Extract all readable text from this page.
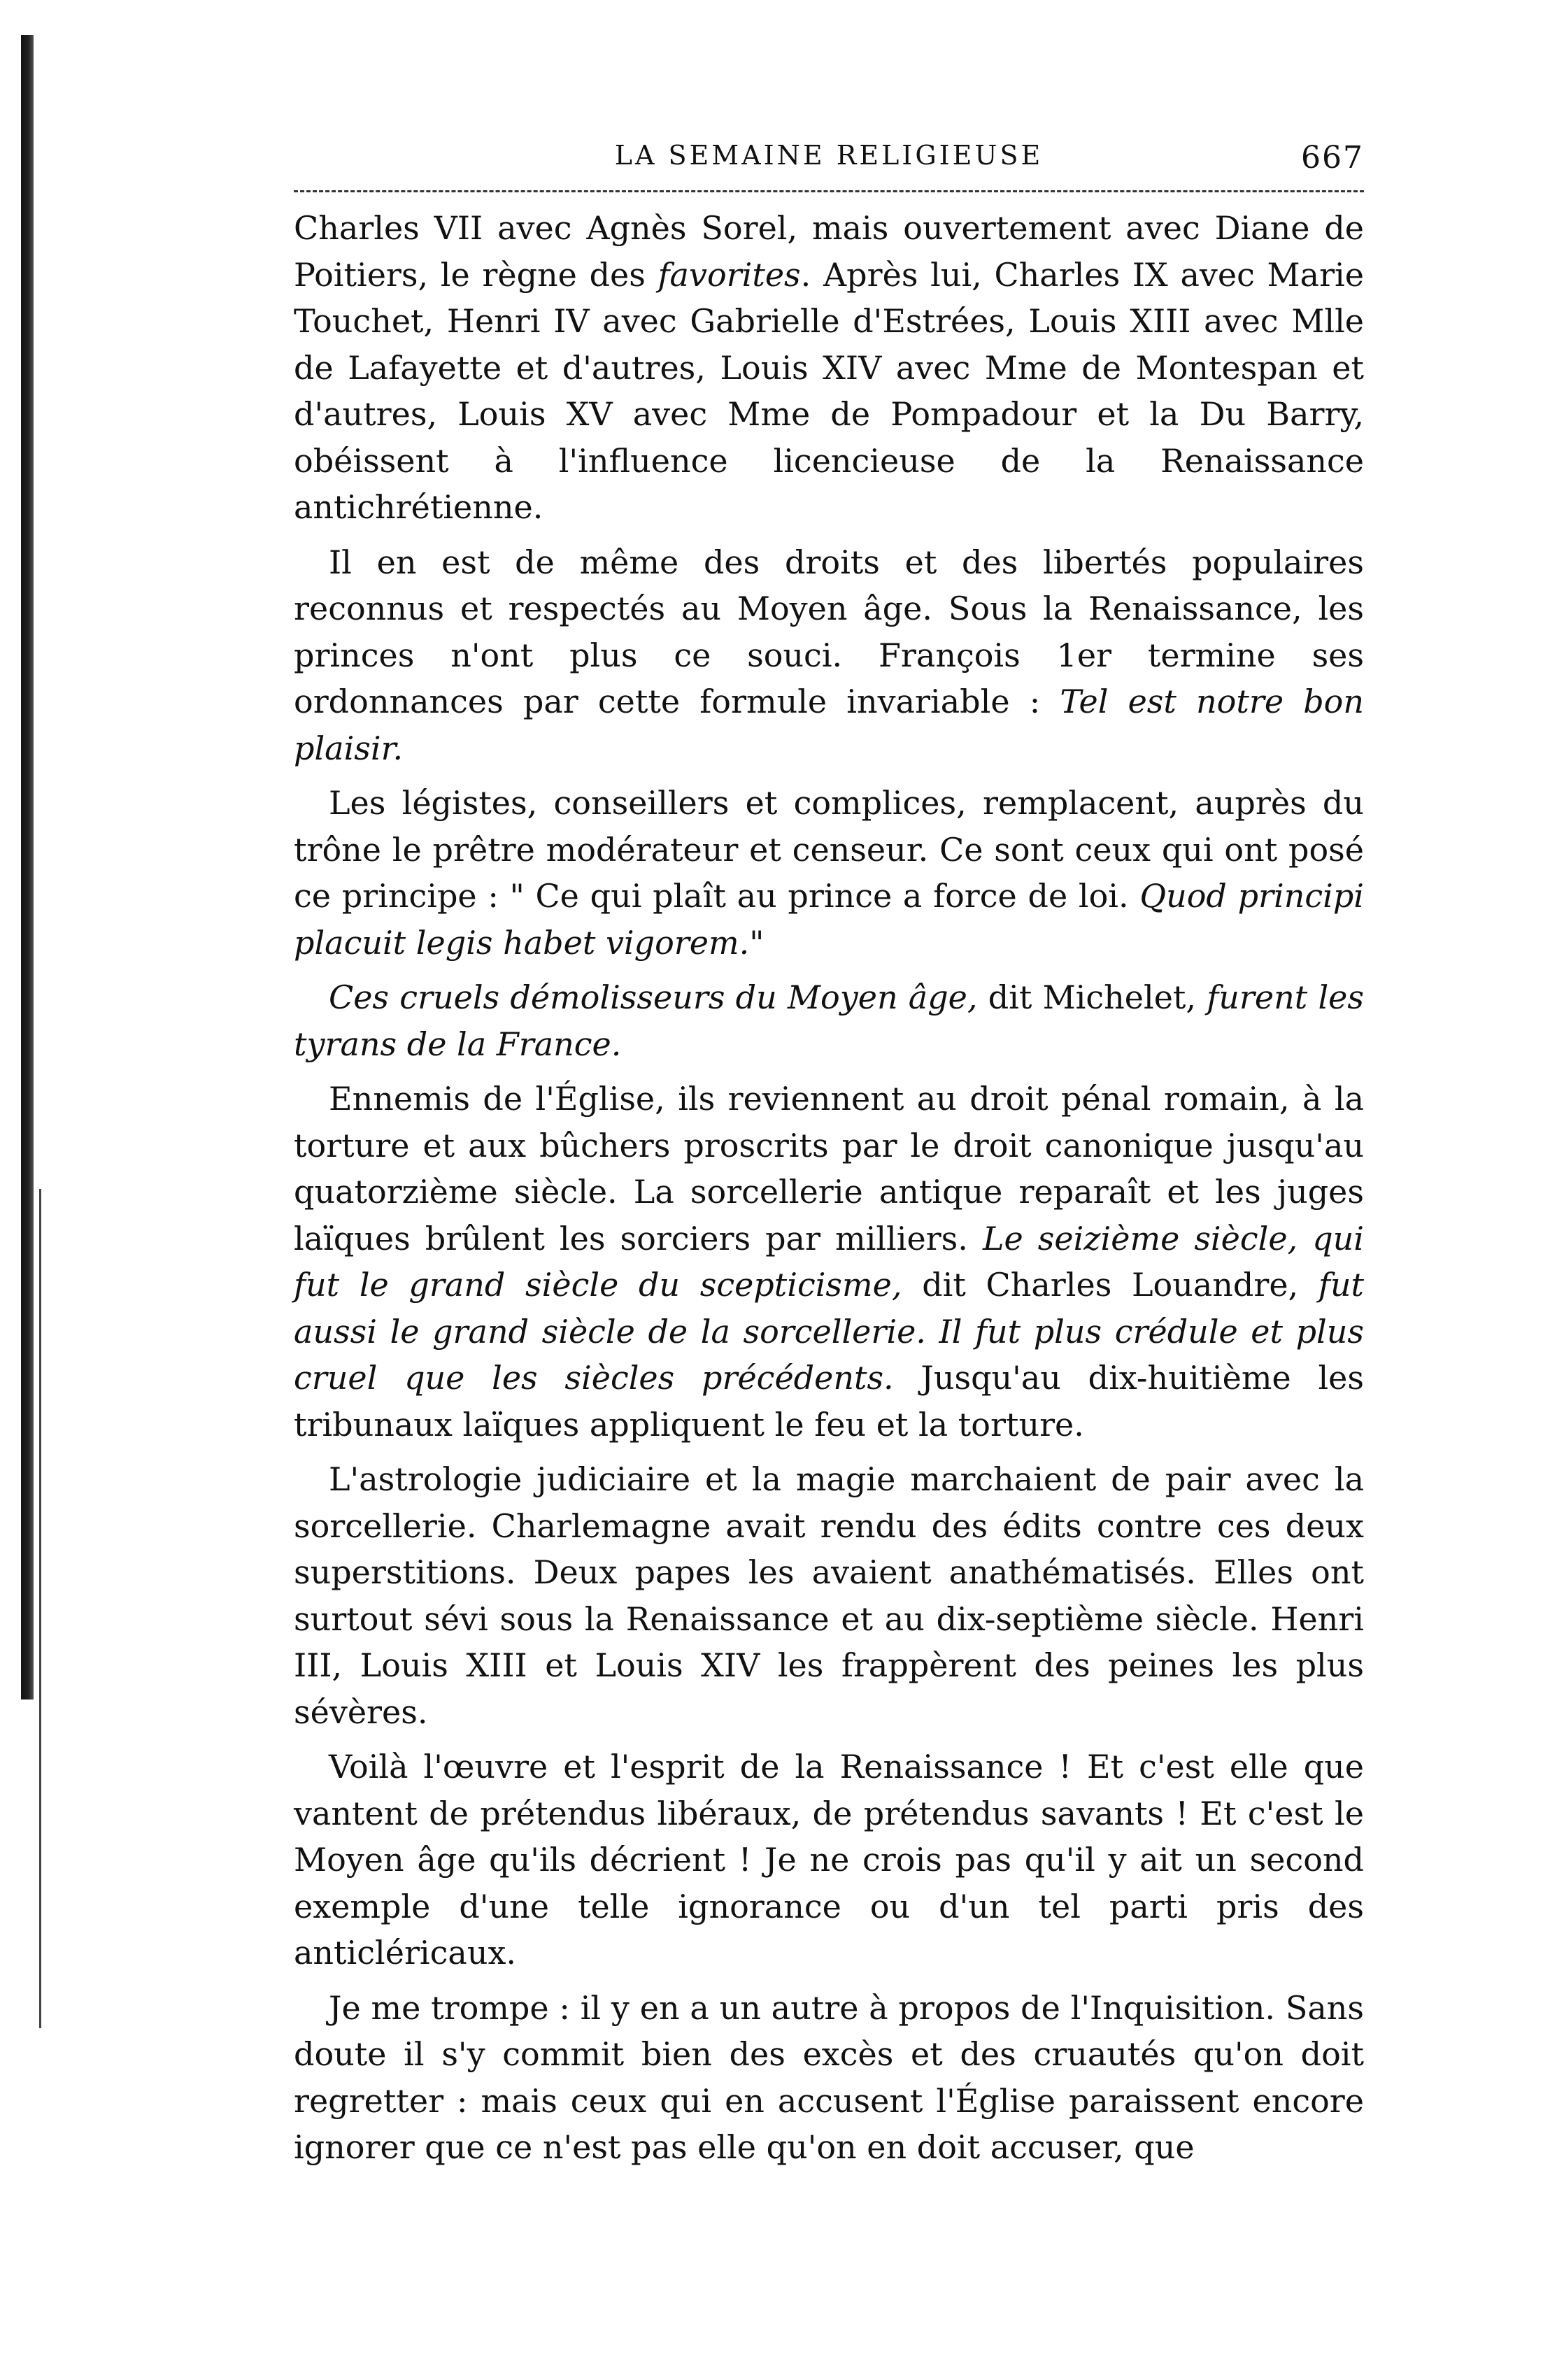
LA SEMAINE RELIGIEUSE	667

Charles VII avec Agnès Sorel, mais ouvertement avec Diane de Poitiers, le règne des favorites. Après lui, Charles IX avec Marie Touchet, Henri IV avec Gabrielle d'Estrées, Louis XIII avec Mlle de Lafayette et d'autres, Louis XIV avec Mme de Montespan et d'autres, Louis XV avec Mme de Pompadour et la Du Barry, obéissent à l'influence licencieuse de la Renaissance antichrétienne.

Il en est de même des droits et des libertés populaires reconnus et respectés au Moyen âge. Sous la Renaissance, les princes n'ont plus ce souci. François 1er termine ses ordonnances par cette formule invariable : Tel est notre bon plaisir.

Les légistes, conseillers et complices, remplacent, auprès du trône le prêtre modérateur et censeur. Ce sont ceux qui ont posé ce principe : " Ce qui plaît au prince a force de loi. Quod principi placuit legis habet vigorem."

Ces cruels démolisseurs du Moyen âge, dit Michelet, furent les tyrans de la France.

Ennemis de l'Église, ils reviennent au droit pénal romain, à la torture et aux bûchers proscrits par le droit canonique jusqu'au quatorzième siècle. La sorcellerie antique reparaît et les juges laïques brûlent les sorciers par milliers. Le seizième siècle, qui fut le grand siècle du scepticisme, dit Charles Louandre, fut aussi le grand siècle de la sorcellerie. Il fut plus crédule et plus cruel que les siècles précédents. Jusqu'au dix-huitième les tribunaux laïques appliquent le feu et la torture.

L'astrologie judiciaire et la magie marchaient de pair avec la sorcellerie. Charlemagne avait rendu des édits contre ces deux superstitions. Deux papes les avaient anathématisés. Elles ont surtout sévi sous la Renaissance et au dix-septième siècle. Henri III, Louis XIII et Louis XIV les frappèrent des peines les plus sévères.

Voilà l'œuvre et l'esprit de la Renaissance ! Et c'est elle que vantent de prétendus libéraux, de prétendus savants ! Et c'est le Moyen âge qu'ils décrient ! Je ne crois pas qu'il y ait un second exemple d'une telle ignorance ou d'un tel parti pris des anticléricaux.

Je me trompe : il y en a un autre à propos de l'Inquisition. Sans doute il s'y commit bien des excès et des cruautés qu'on doit regretter : mais ceux qui en accusent l'Église paraissent encore ignorer que ce n'est pas elle qu'on en doit accuser, que
